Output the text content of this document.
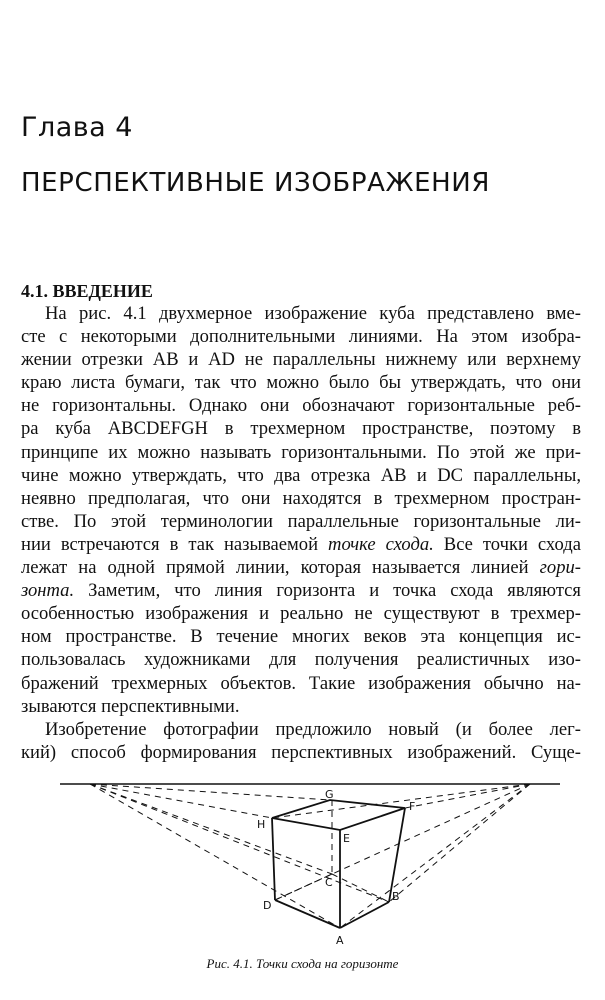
Глава 4
ПЕРСПЕКТИВНЫЕ ИЗОБРАЖЕНИЯ
4.1. ВВЕДЕНИЕ
На рис. 4.1 двухмерное изображение куба представлено вме-
сте с некоторыми дополнительными линиями. На этом изобра-
жении отрезки АВ и AD не параллельны нижнему или верхнему
краю листа бумаги, так что можно было бы утверждать, что они
не горизонтальны. Однако они обозначают горизонтальные реб-
ра куба ABCDEFGH в трехмерном пространстве, поэтому в
принципе их можно называть горизонтальными. По этой же при-
чине можно утверждать, что два отрезка АВ и DC параллельны,
неявно предполагая, что они находятся в трехмерном простран-
стве. По этой терминологии параллельные горизонтальные ли-
нии встречаются в так называемой точке схода. Все точки схода
лежат на одной прямой линии, которая называется линией гори-
зонта. Заметим, что линия горизонта и точка схода являются
особенностью изображения и реально не существуют в трехмер-
ном пространстве. В течение многих веков эта концепция ис-
пользовалась художниками для получения реалистичных изо-
бражений трехмерных объектов. Такие изображения обычно на-
зываются перспективными.
Изобретение фотографии предложило новый (и более лег-
кий) способ формирования перспективных изображений. Суще-
G
F
H
E
C
B
D
A
Рис. 4.1. Точки схода на горизонте
